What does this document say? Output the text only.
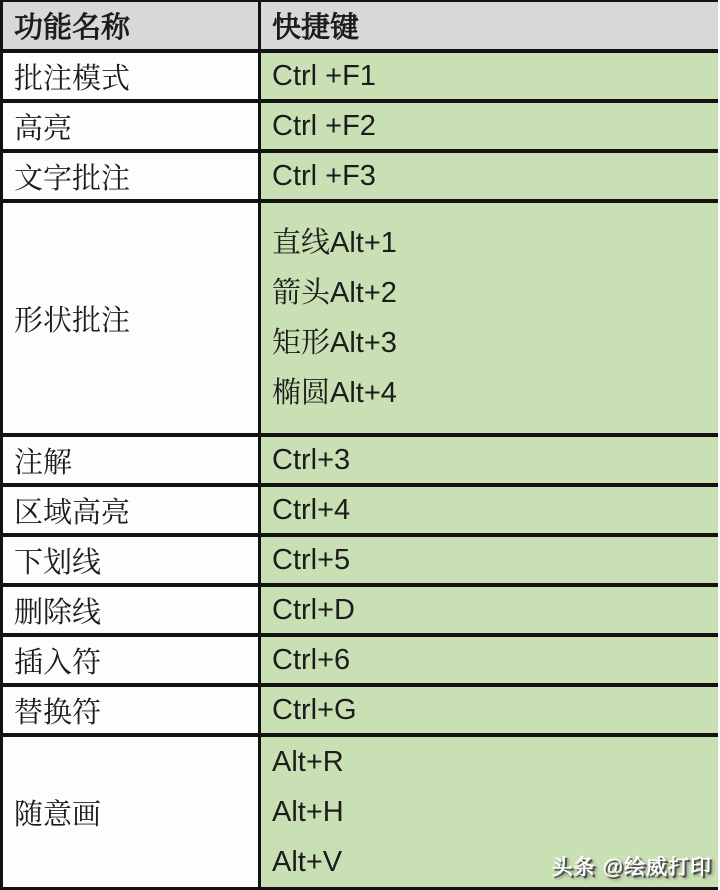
功能名称	快捷键
批注模式	Ctrl +F1
高亮	Ctrl +F2
文字批注	Ctrl +F3
形状批注	直线Alt+1
箭头Alt+2
矩形Alt+3
椭圆Alt+4

注解	Ctrl+3
区域高亮	Ctrl+4
下划线	Ctrl+5
删除线	Ctrl+D
插入符	Ctrl+6
替换符	Ctrl+G
随意画	Alt+R
Alt+H
Alt+V	头条 @绘威打印
